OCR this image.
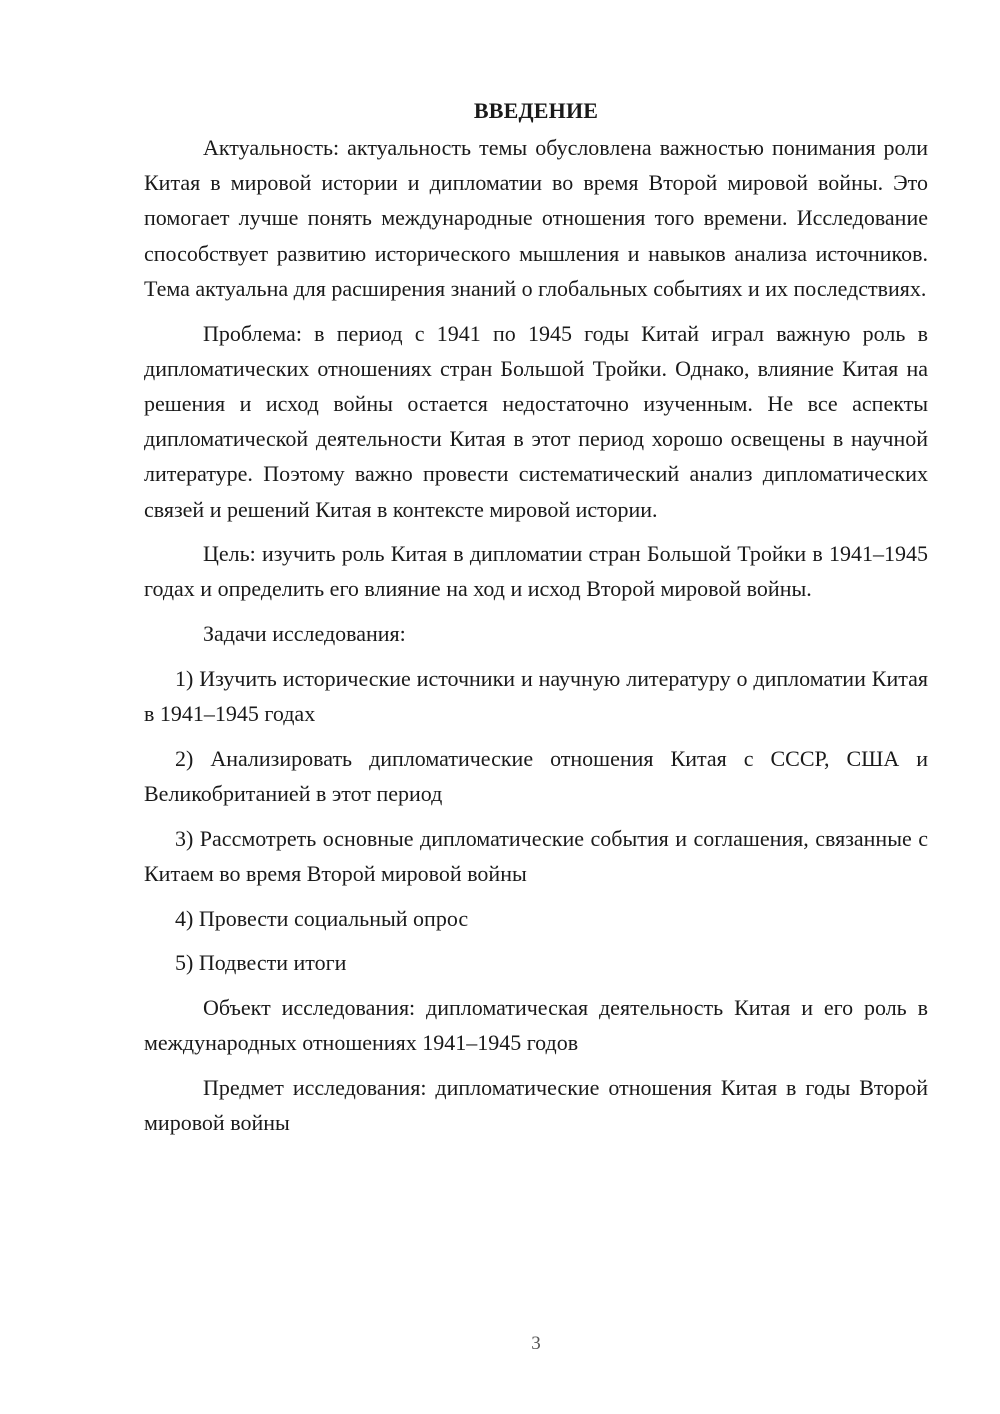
ВВЕДЕНИЕ
Актуальность: актуальность темы обусловлена важностью понимания роли Китая в мировой истории и дипломатии во время Второй мировой войны. Это помогает лучше понять международные отношения того времени. Исследование способствует развитию исторического мышления и навыков анализа источников. Тема актуальна для расширения знаний о глобальных событиях и их последствиях.
Проблема: в период с 1941 по 1945 годы Китай играл важную роль в дипломатических отношениях стран Большой Тройки. Однако, влияние Китая на решения и исход войны остается недостаточно изученным. Не все аспекты дипломатической деятельности Китая в этот период хорошо освещены в научной литературе. Поэтому важно провести систематический анализ дипломатических связей и решений Китая в контексте мировой истории.
Цель: изучить роль Китая в дипломатии стран Большой Тройки в 1941–1945 годах и определить его влияние на ход и исход Второй мировой войны.
Задачи исследования:
1) Изучить исторические источники и научную литературу о дипломатии Китая в 1941–1945 годах
2) Анализировать дипломатические отношения Китая с СССР, США и Великобританией в этот период
3) Рассмотреть основные дипломатические события и соглашения, связанные с Китаем во время Второй мировой войны
4) Провести социальный опрос
5) Подвести итоги
Объект исследования: дипломатическая деятельность Китая и его роль в международных отношениях 1941–1945 годов
Предмет исследования: дипломатические отношения Китая в годы Второй мировой войны
3
